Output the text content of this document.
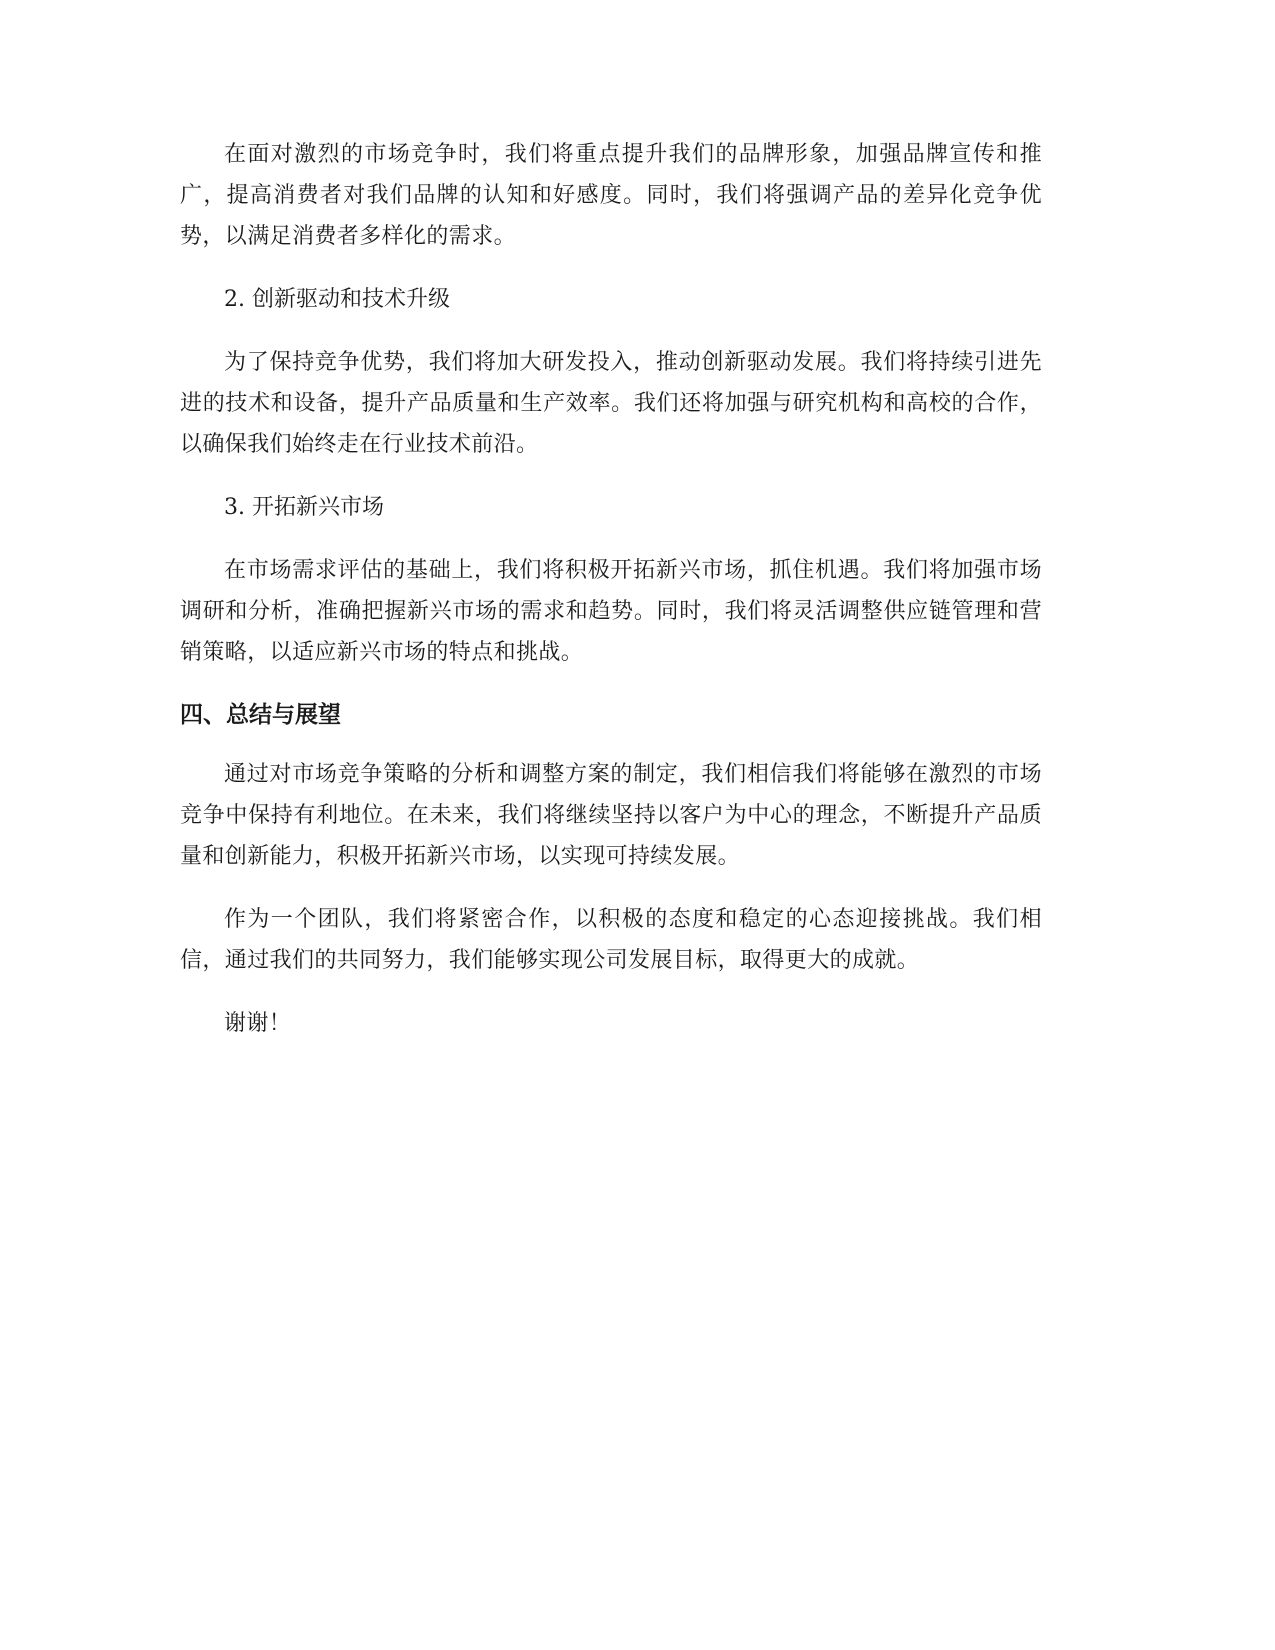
在面对激烈的市场竞争时，我们将重点提升我们的品牌形象，加强品牌宣传和推广，提高消费者对我们品牌的认知和好感度。同时，我们将强调产品的差异化竞争优势，以满足消费者多样化的需求。

2. 创新驱动和技术升级

为了保持竞争优势，我们将加大研发投入，推动创新驱动发展。我们将持续引进先进的技术和设备，提升产品质量和生产效率。我们还将加强与研究机构和高校的合作，以确保我们始终走在行业技术前沿。

3. 开拓新兴市场

在市场需求评估的基础上，我们将积极开拓新兴市场，抓住机遇。我们将加强市场调研和分析，准确把握新兴市场的需求和趋势。同时，我们将灵活调整供应链管理和营销策略，以适应新兴市场的特点和挑战。

四、总结与展望

通过对市场竞争策略的分析和调整方案的制定，我们相信我们将能够在激烈的市场竞争中保持有利地位。在未来，我们将继续坚持以客户为中心的理念，不断提升产品质量和创新能力，积极开拓新兴市场，以实现可持续发展。

作为一个团队，我们将紧密合作，以积极的态度和稳定的心态迎接挑战。我们相信，通过我们的共同努力，我们能够实现公司发展目标，取得更大的成就。

谢谢！
